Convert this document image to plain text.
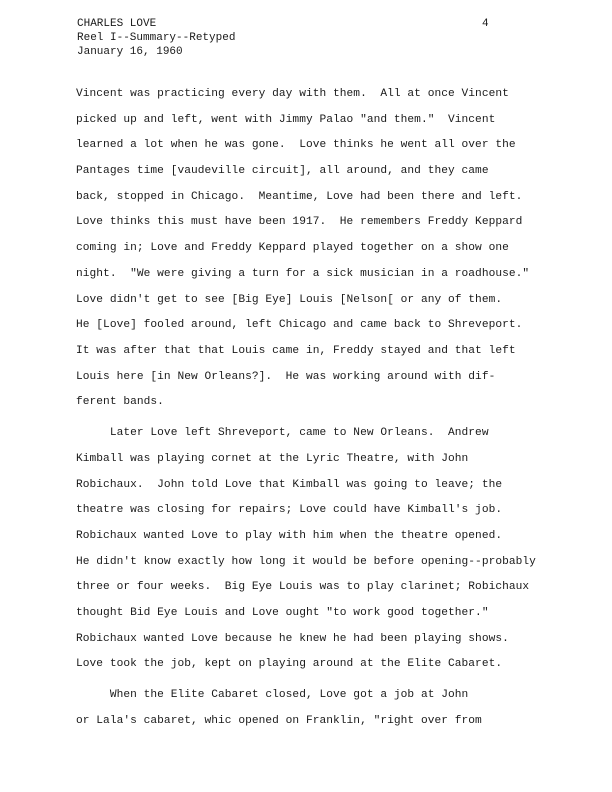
CHARLES LOVE
Reel I--Summary--Retyped
January 16, 1960
4
Vincent was practicing every day with them.  All at once Vincent
picked up and left, went with Jimmy Palao "and them."  Vincent
learned a lot when he was gone.  Love thinks he went all over the
Pantages time [vaudeville circuit], all around, and they came
back, stopped in Chicago.  Meantime, Love had been there and left.
Love thinks this must have been 1917.  He remembers Freddy Keppard
coming in; Love and Freddy Keppard played together on a show one
night.  "We were giving a turn for a sick musician in a roadhouse."
Love didn't get to see [Big Eye] Louis [Nelson[ or any of them.
He [Love] fooled around, left Chicago and came back to Shreveport.
It was after that that Louis came in, Freddy stayed and that left
Louis here [in New Orleans?].  He was working around with dif-
ferent bands.
Later Love left Shreveport, came to New Orleans.  Andrew
Kimball was playing cornet at the Lyric Theatre, with John
Robichaux.  John told Love that Kimball was going to leave; the
theatre was closing for repairs; Love could have Kimball's job.
Robichaux wanted Love to play with him when the theatre opened.
He didn't know exactly how long it would be before opening--probably
three or four weeks.  Big Eye Louis was to play clarinet; Robichaux
thought Bid Eye Louis and Love ought "to work good together."
Robichaux wanted Love because he knew he had been playing shows.
Love took the job, kept on playing around at the Elite Cabaret.
When the Elite Cabaret closed, Love got a job at John
or Lala's cabaret, whic opened on Franklin, "right over from
